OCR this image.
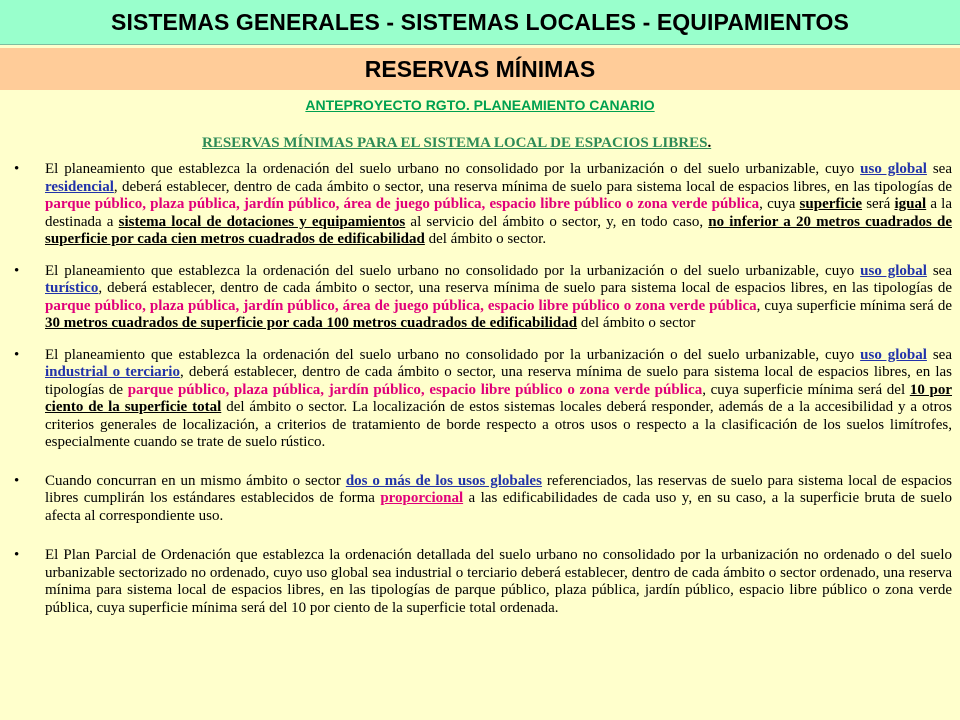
SISTEMAS GENERALES - SISTEMAS LOCALES - EQUIPAMIENTOS
RESERVAS MÍNIMAS
ANTEPROYECTO RGTO. PLANEAMIENTO CANARIO
RESERVAS MÍNIMAS PARA EL SISTEMA LOCAL DE ESPACIOS LIBRES.

•	El planeamiento que establezca la ordenación del suelo urbano no consolidado por la urbanización o del suelo urbanizable, cuyo uso global sea residencial, deberá establecer, dentro de cada ámbito o sector, una reserva mínima de suelo para sistema local de espacios libres, en las tipologías de parque público, plaza pública, jardín público, área de juego pública, espacio libre público o zona verde pública, cuya superficie será igual a la destinada a sistema local de dotaciones y equipamientos al servicio del ámbito o sector, y, en todo caso, no inferior a 20 metros cuadrados de superficie por cada cien metros cuadrados de edificabilidad del ámbito o sector.

•	El planeamiento que establezca la ordenación del suelo urbano no consolidado por la urbanización o del suelo urbanizable, cuyo uso global sea turístico, deberá establecer, dentro de cada ámbito o sector, una reserva mínima de suelo para sistema local de espacios libres, en las tipologías de parque público, plaza pública, jardín público, área de juego pública, espacio libre público o zona verde pública, cuya superficie mínima será de 30 metros cuadrados de superficie por cada 100 metros cuadrados de edificabilidad del ámbito o sector

•	El planeamiento que establezca la ordenación del suelo urbano no consolidado por la urbanización o del suelo urbanizable, cuyo uso global sea industrial o terciario, deberá establecer, dentro de cada ámbito o sector, una reserva mínima de suelo para sistema local de espacios libres, en las tipologías de parque público, plaza pública, jardín público, espacio libre público o zona verde pública, cuya superficie mínima será del 10 por ciento de la superficie total del ámbito o sector. La localización de estos sistemas locales deberá responder, además de a la accesibilidad y a otros criterios generales de localización, a criterios de tratamiento de borde respecto a otros usos o respecto a la clasificación de los suelos limítrofes, especialmente cuando se trate de suelo rústico.

•	Cuando concurran en un mismo ámbito o sector dos o más de los usos globales referenciados, las reservas de suelo para sistema local de espacios libres cumplirán los estándares establecidos de forma proporcional a las edificabilidades de cada uso y, en su caso, a la superficie bruta de suelo afecta al correspondiente uso.

•	El Plan Parcial de Ordenación que establezca la ordenación detallada del suelo urbano no consolidado por la urbanización no ordenado o del suelo urbanizable sectorizado no ordenado, cuyo uso global sea industrial o terciario deberá establecer, dentro de cada ámbito o sector ordenado, una reserva mínima para sistema local de espacios libres, en las tipologías de parque público, plaza pública, jardín público, espacio libre público o zona verde pública, cuya superficie mínima será del 10 por ciento de la superficie total ordenada.
